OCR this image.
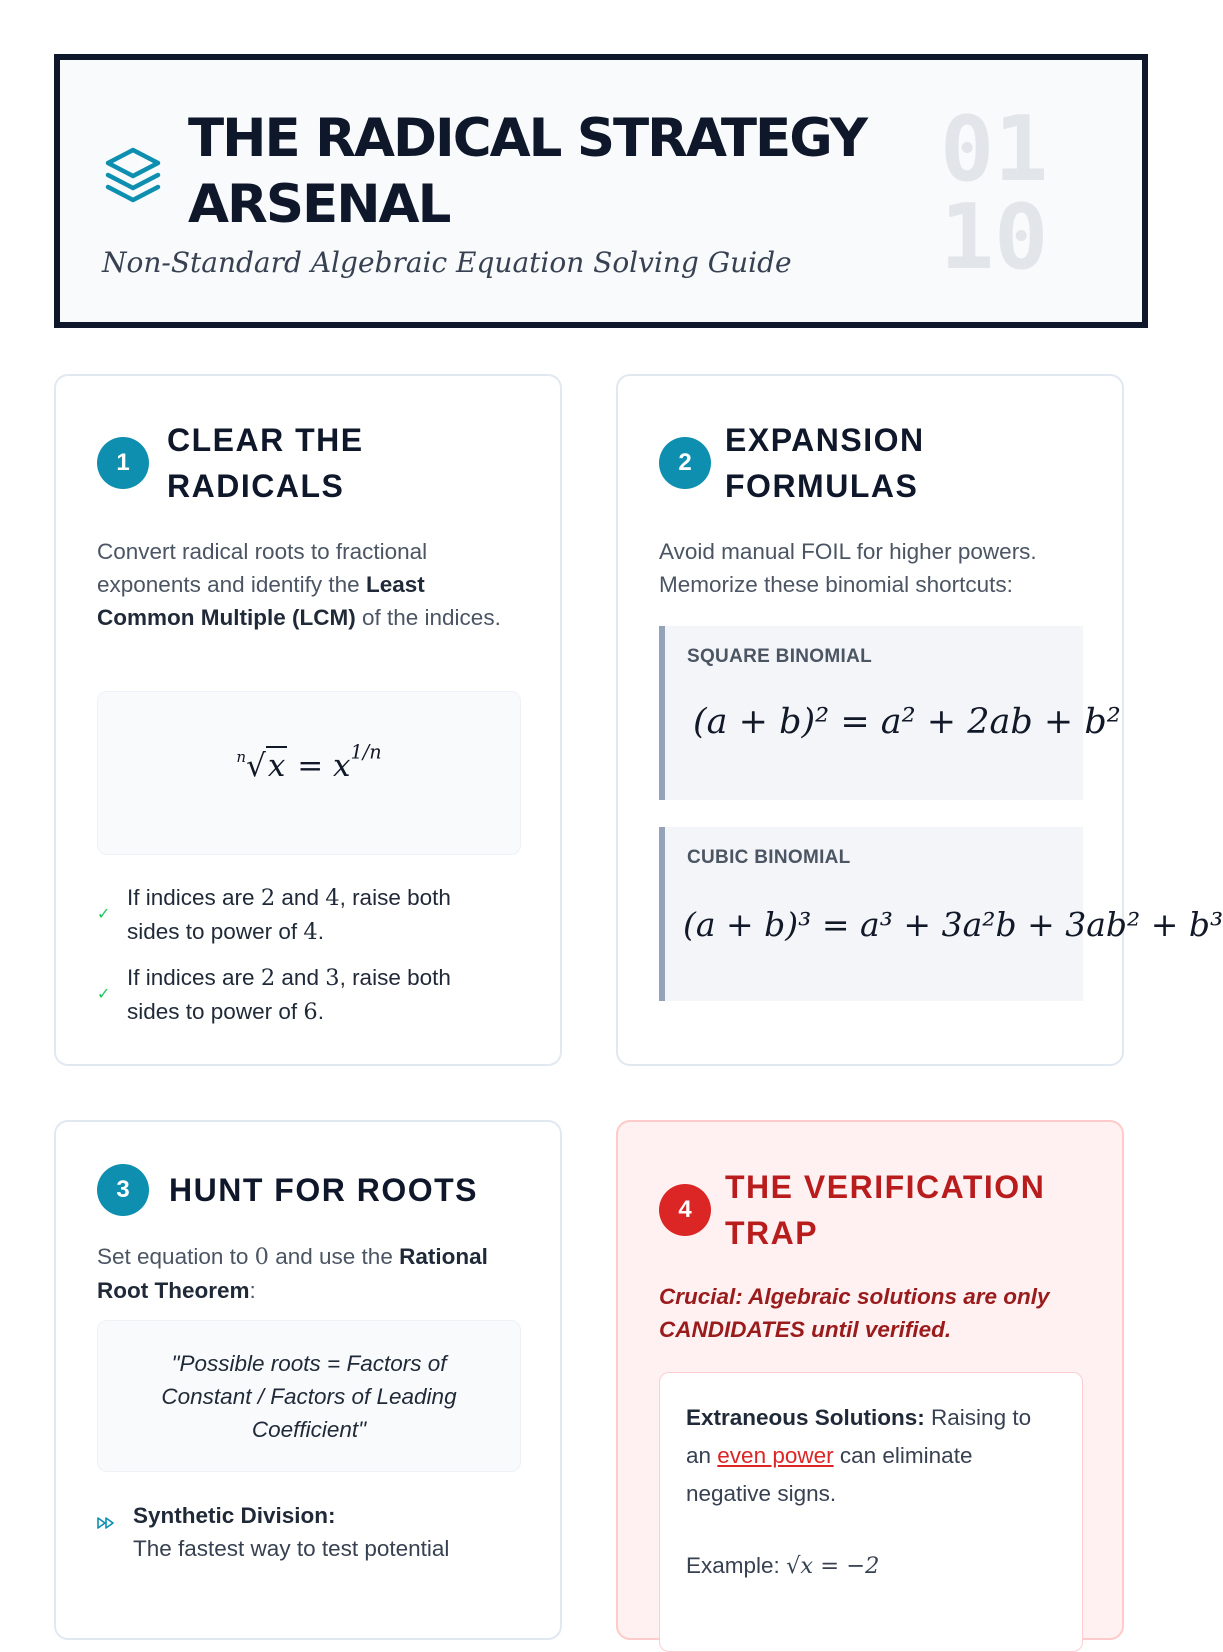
THE RADICAL STRATEGY
ARSENAL
Non-Standard Algebraic Equation Solving Guide
01
10
1
CLEAR THE
RADICALS
Convert radical roots to fractional exponents and identify the Least Common Multiple (LCM) of the indices.
$^n√x = x^{1/n}$
✓
If indices are 2 and 4, raise both sides to power of 4.
✓
If indices are 2 and 3, raise both sides to power of 6.
2
EXPANSION
FORMULAS
Avoid manual FOIL for higher powers. Memorize these binomial shortcuts:
SQUARE BINOMIAL
(a + b)² = a² + 2ab + b²
CUBIC BINOMIAL
(a + b)³ = a³ + 3a²b + 3ab² + b³
3	HUNT FOR ROOTS
Set equation to 0 and use the Rational Root Theorem:
"Possible roots = Factors of
Constant / Factors of Leading
Coefficient"
Synthetic Division:
The fastest way to test potential
4
THE VERIFICATION
TRAP
Crucial: Algebraic solutions are only
CANDIDATES until verified.
Extraneous Solutions: Raising to
an even power can eliminate
negative signs.
Example: √x = −2
